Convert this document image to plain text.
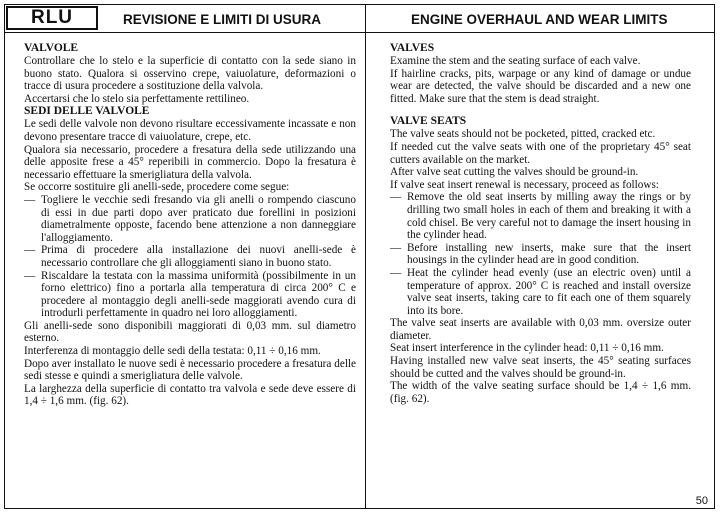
RLU	REVISIONE E LIMITI DI USURA	ENGINE OVERHAUL AND WEAR LIMITS
VALVOLE

Controllare che lo stelo e la superficie di contatto con la sede siano in buono stato. Qualora si osservino crepe, vaiuolature, deformazioni o tracce di usura procedere a sostituzione della valvola.

Accertarsi che lo stelo sia perfettamente rettilineo.

SEDI DELLE VALVOLE

Le sedi delle valvole non devono risultare eccessivamente incassate e non devono presentare tracce di vaiuolature, crepe, etc.

Qualora sia necessario, procedere a fresatura della sede utilizzando una delle apposite frese a 45° reperibili in commercio. Dopo la fresatura è necessario effettuare la smerigliatura della valvola.

Se occorre sostituire gli anelli-sede, procedere come segue:

— Togliere le vecchie sedi fresando via gli anelli o rompendo ciascuno di essi in due parti dopo aver praticato due forellini in posizioni diametralmente opposte, facendo bene attenzione a non danneggiare l'alloggiamento.
— Prima di procedere alla installazione dei nuovi anelli-sede è necessario controllare che gli alloggiamenti siano in buono stato.
— Riscaldare la testata con la massima uniformità (possibilmente in un forno elettrico) fino a portarla alla temperatura di circa 200° C e procedere al montaggio degli anelli-sede maggiorati avendo cura di introdurli perfettamente in quadro nei loro alloggiamenti.

Gli anelli-sede sono disponibili maggiorati di 0,03 mm. sul diametro esterno.

Interferenza di montaggio delle sedi della testata: 0,11 ÷ 0,16 mm.

Dopo aver installato le nuove sedi è necessario procedere a fresatura delle sedi stesse e quindi a smerigliatura delle valvole.

La larghezza della superficie di contatto tra valvola e sede deve essere di 1,4 ÷ 1,6 mm. (fig. 62).

VALVES

Examine the stem and the seating surface of each valve.

If hairline cracks, pits, warpage or any kind of damage or undue wear are detected, the valve should be discarded and a new one fitted. Make sure that the stem is dead straight.

VALVE SEATS

The valve seats should not be pocketed, pitted, cracked etc.

If needed cut the valve seats with one of the proprietary 45° seat cutters available on the market.

After valve seat cutting the valves should be ground-in.

If valve seat insert renewal is necessary, proceed as follows:

— Remove the old seat inserts by milling away the rings or by drilling two small holes in each of them and breaking it with a cold chisel. Be very careful not to damage the insert housing in the cylinder head.
— Before installing new inserts, make sure that the insert housings in the cylinder head are in good condition.
— Heat the cylinder head evenly (use an electric oven) until a temperature of approx. 200° C is reached and install oversize valve seat inserts, taking care to fit each one of them squarely into its bore.

The valve seat inserts are available with 0,03 mm. oversize outer diameter.

Seat insert interference in the cylinder head: 0,11 ÷ 0,16 mm.

Having installed new valve seat inserts, the 45° seating surfaces should be cutted and the valves should be ground-in.

The width of the valve seating surface should be 1,4 ÷ 1,6 mm. (fig. 62).

50
